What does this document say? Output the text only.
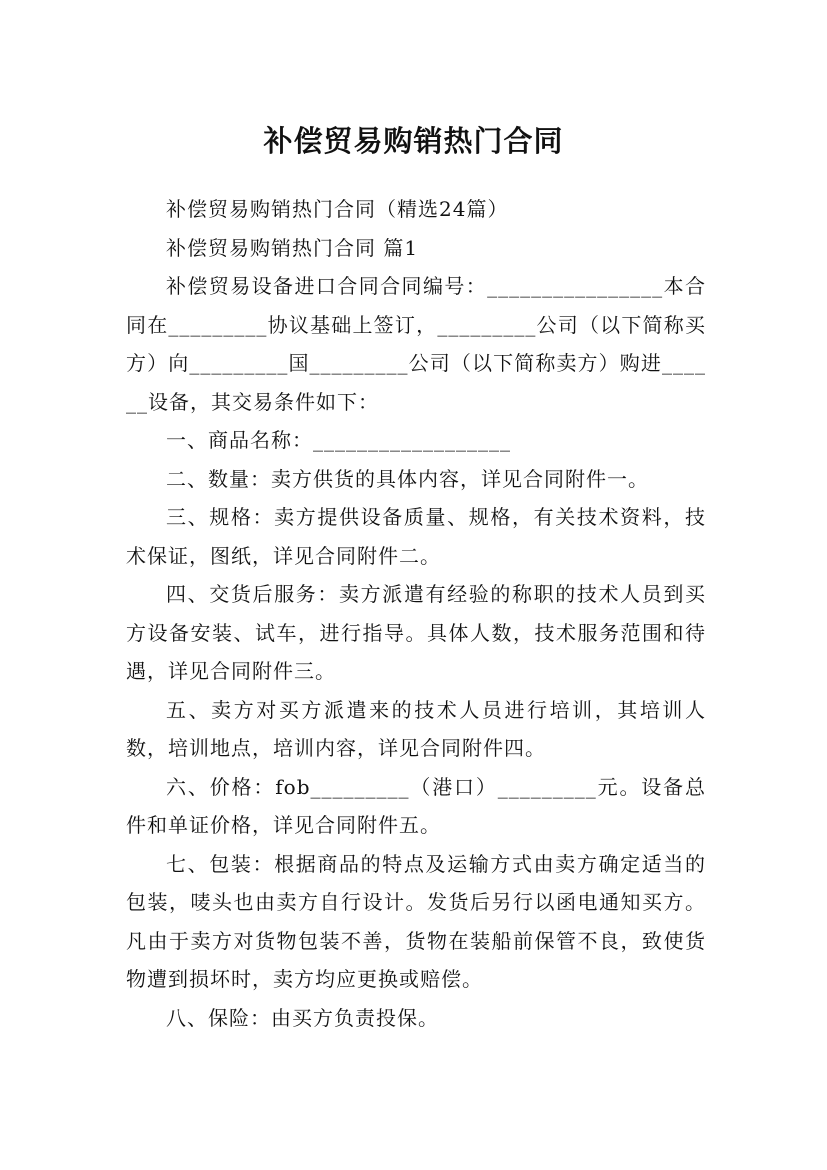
补偿贸易购销热门合同

补偿贸易购销热门合同（精选24篇）

补偿贸易购销热门合同 篇1

补偿贸易设备进口合同合同编号：________________本合同在_________协议基础上签订，_________公司（以下简称买方）向_________国_________公司（以下简称卖方）购进______设备，其交易条件如下：

一、商品名称：__________________

二、数量：卖方供货的具体内容，详见合同附件一。

三、规格：卖方提供设备质量、规格，有关技术资料，技术保证，图纸，详见合同附件二。

四、交货后服务：卖方派遣有经验的称职的技术人员到买方设备安装、试车，进行指导。具体人数，技术服务范围和待遇，详见合同附件三。

五、卖方对买方派遣来的技术人员进行培训，其培训人数，培训地点，培训内容，详见合同附件四。

六、价格：fob_________（港口）_________元。设备总件和单证价格，详见合同附件五。

七、包装：根据商品的特点及运输方式由卖方确定适当的包装，唛头也由卖方自行设计。发货后另行以函电通知买方。凡由于卖方对货物包装不善，货物在装船前保管不良，致使货物遭到损坏时，卖方均应更换或赔偿。

八、保险：由买方负责投保。
